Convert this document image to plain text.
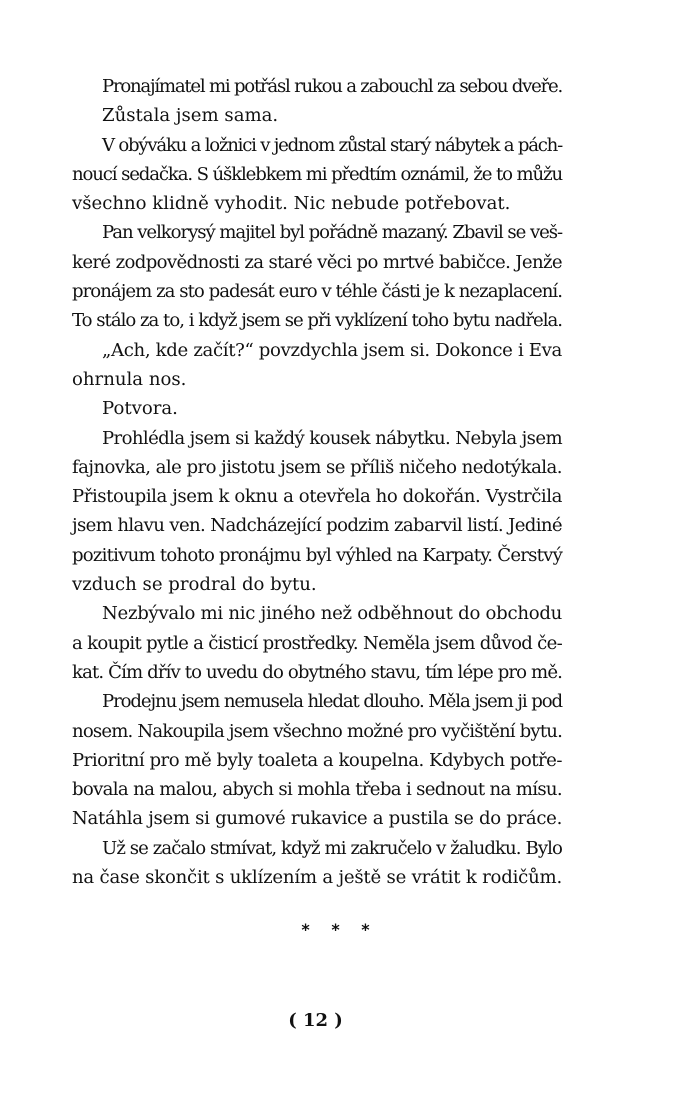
Pronajímatel mi potřásl rukou a zabouchl za sebou dveře.
Zůstala jsem sama.
V obýváku a ložnici v jednom zůstal starý nábytek a pách-
noucí sedačka. S úšklebkem mi předtím oznámil, že to můžu
všechno klidně vyhodit. Nic nebude potřebovat.
Pan velkorysý majitel byl pořádně mazaný. Zbavil se veš-
keré zodpovědnosti za staré věci po mrtvé babičce. Jenže
pronájem za sto padesát euro v téhle části je k nezaplacení.
To stálo za to, i když jsem se při vyklízení toho bytu nadřela.
„Ach, kde začít?“ povzdychla jsem si. Dokonce i Eva
ohrnula nos.
Potvora.
Prohlédla jsem si každý kousek nábytku. Nebyla jsem
fajnovka, ale pro jistotu jsem se příliš ničeho nedotýkala.
Přistoupila jsem k oknu a otevřela ho dokořán. Vystrčila
jsem hlavu ven. Nadcházející podzim zabarvil listí. Jediné
pozitivum tohoto pronájmu byl výhled na Karpaty. Čerstvý
vzduch se prodral do bytu.
Nezbývalo mi nic jiného než odběhnout do obchodu
a koupit pytle a čisticí prostředky. Neměla jsem důvod če-
kat. Čím dřív to uvedu do obytného stavu, tím lépe pro mě.
Prodejnu jsem nemusela hledat dlouho. Měla jsem ji pod
nosem. Nakoupila jsem všechno možné pro vyčištění bytu.
Prioritní pro mě byly toaleta a koupelna. Kdybych potře-
bovala na malou, abych si mohla třeba i sednout na mísu.
Natáhla jsem si gumové rukavice a pustila se do práce.
Už se začalo stmívat, když mi zakručelo v žaludku. Bylo
na čase skončit s uklízením a ještě se vrátit k rodičům.
* * *
( 12 )
